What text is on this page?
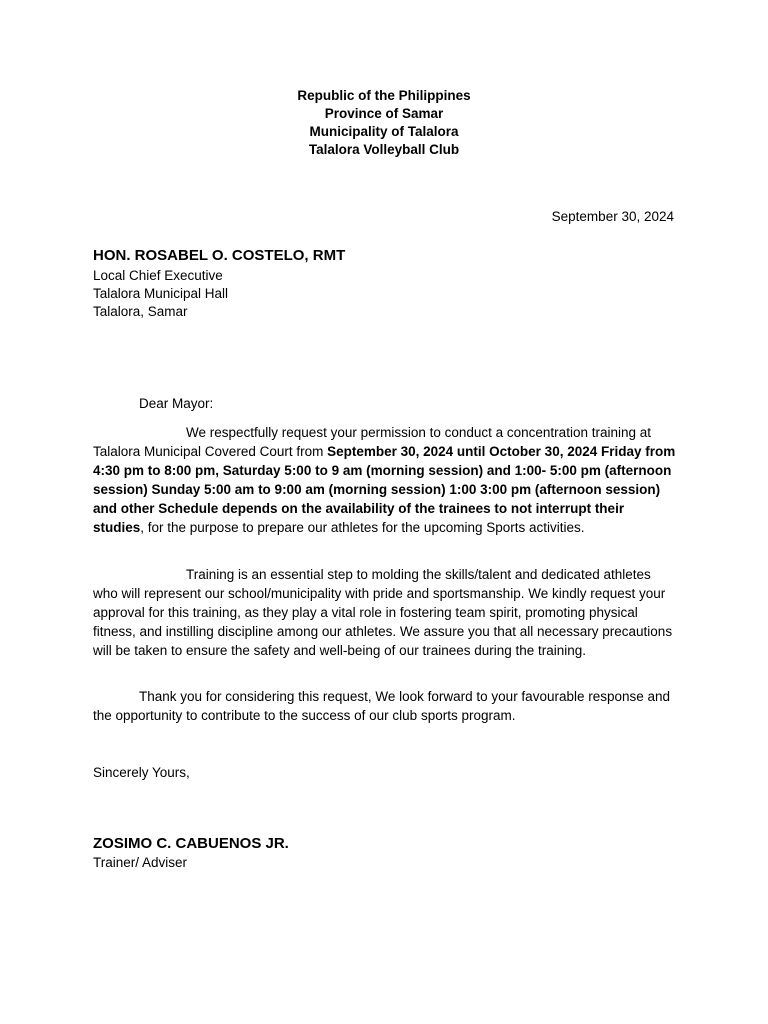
Republic of the Philippines
Province of Samar
Municipality of Talalora
Talalora Volleyball Club
September 30, 2024
HON. ROSABEL O. COSTELO, RMT
Local Chief Executive
Talalora Municipal Hall
Talalora, Samar
Dear Mayor:
We respectfully request your permission to conduct a concentration training at Talalora Municipal Covered Court from September 30, 2024 until October 30, 2024 Friday from 4:30 pm to 8:00 pm, Saturday 5:00 to 9 am (morning session) and 1:00- 5:00 pm (afternoon session) Sunday 5:00 am to 9:00 am (morning session) 1:00 3:00 pm (afternoon session) and other Schedule depends on the availability of the trainees to not interrupt their studies, for the purpose to prepare our athletes for the upcoming Sports activities.
Training is an essential step to molding the skills/talent and dedicated athletes who will represent our school/municipality with pride and sportsmanship. We kindly request your approval for this training, as they play a vital role in fostering team spirit, promoting physical fitness, and instilling discipline among our athletes. We assure you that all necessary precautions will be taken to ensure the safety and well-being of our trainees during the training.
Thank you for considering this request, We look forward to your favourable response and the opportunity to contribute to the success of our club sports program.
Sincerely Yours,
ZOSIMO C. CABUENOS JR.
Trainer/ Adviser
